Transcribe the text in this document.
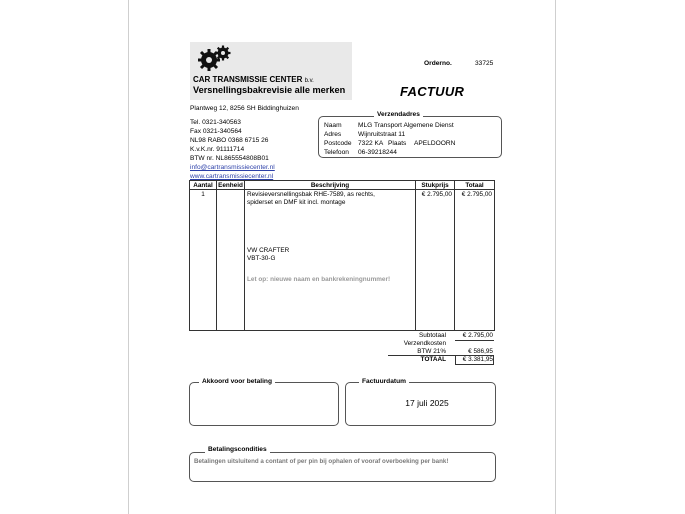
CAR TRANSMISSIE CENTER b.v.
Versnellingsbakrevisie alle merken
Orderno.	33725
FACTUUR
Plantweg 12, 8256 SH Biddinghuizen
Tel. 0321-340563
Fax 0321-340564
NL98 RABO 0368 6715 26
K.v.K.nr. 91111714
BTW nr. NL865554808B01
info@cartransmissiecenter.nl
www.cartransmissiecenter.nl
Verzendadres
Naam MLG Transport Algemene Dienst
Adres	Wijnruitstraat 11
Postcode 7322 KA Plaats APELDOORN
Telefoon 06-39218244
Aantal	Eenheid	Beschrijving	Stukprijs	Totaal
1		Revisieversnellingsbak RHE-7589, as rechts,
spiderset en DMF kit incl. montage
VW CRAFTER
VBT-30-G
Let op: nieuwe naam en bankrekeningnummer!	€ 2.795,00	€ 2.795,00
Subtotaal	€ 2.795,00
Verzendkosten
BTW 21%	€ 586,95
TOTAAL	€ 3.381,95
Akkoord voor betaling	Factuurdatum
17 juli 2025
Betalingscondities
Betalingen uitsluitend a contant of per pin bij ophalen of vooraf overboeking per bank!
